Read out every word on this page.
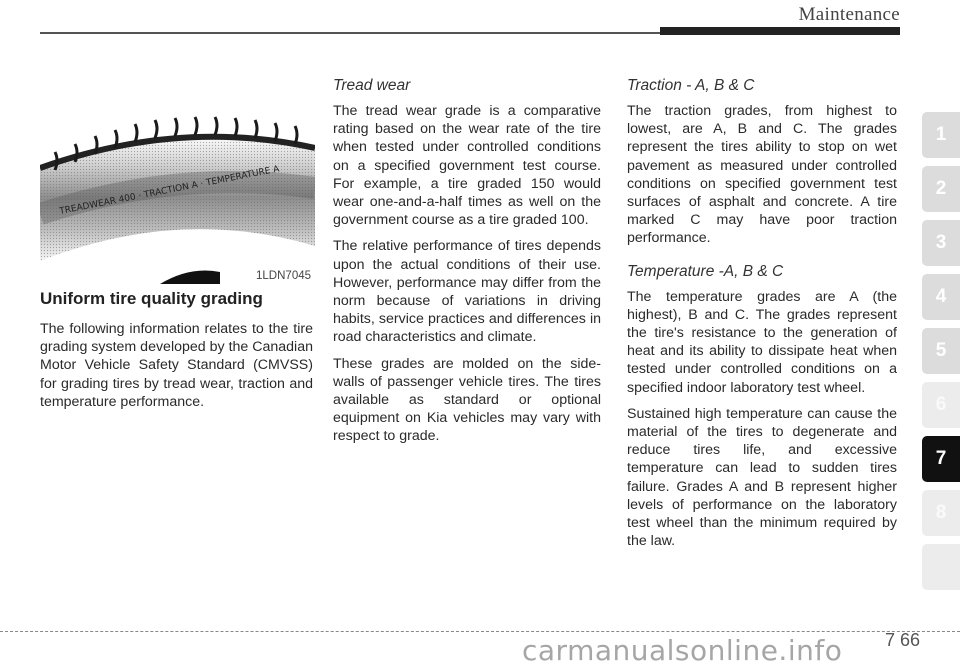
Maintenance
TREADWEAR 400 · TRACTION A · TEMPERATURE A
1LDN7045
Uniform tire quality grading

The following information relates to the tire grading system developed by the Canadian Motor Vehicle Safety Standard (CMVSS) for grading tires by tread wear, traction and temperature performance.

Tread wear

The tread wear grade is a comparative rating based on the wear rate of the tire when tested under controlled conditions on a specified government test course. For example, a tire graded 150 would wear one-and-a-half times as well on the government course as a tire graded 100.

The relative performance of tires depends upon the actual conditions of their use. However, performance may differ from the norm because of variations in driving habits, service practices and differences in road characteristics and climate.

These grades are molded on the side-walls of passenger vehicle tires. The tires available as standard or optional equipment on Kia vehicles may vary with respect to grade.

Traction - A, B & C

The traction grades, from highest to lowest, are A, B and C. The grades represent the tires ability to stop on wet pavement as measured under controlled conditions on specified government test surfaces of asphalt and concrete. A tire marked C may have poor traction performance.

Temperature -A, B & C

The temperature grades are A (the highest), B and C. The grades represent the tire's resistance to the generation of heat and its ability to dissipate heat when tested under controlled conditions on a specified indoor laboratory test wheel.

Sustained high temperature can cause the material of the tires to degenerate and reduce tires life, and excessive temperature can lead to sudden tires failure. Grades A and B represent higher levels of performance on the laboratory test wheel than the minimum required by the law.

1
2
3
4
5
6
7
8
carmanualsonline.info 7 66
